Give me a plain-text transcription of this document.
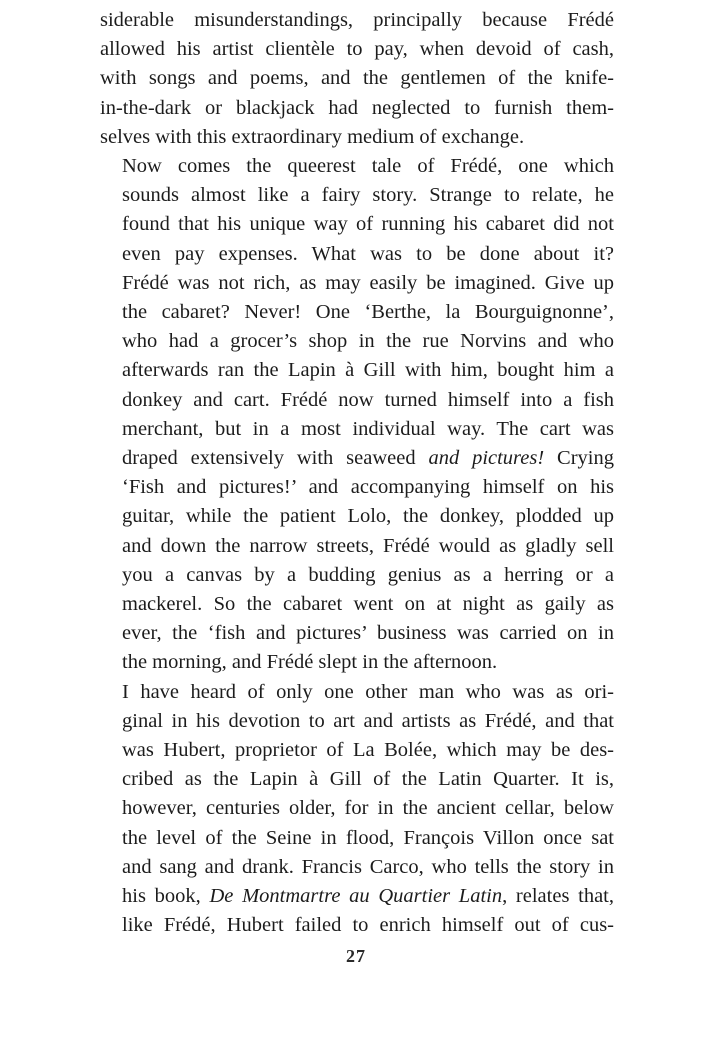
siderable misunderstandings, principally because Frédé
allowed his artist clientèle to pay, when devoid of cash,
with songs and poems, and the gentlemen of the knife-
in-the-dark or blackjack had neglected to furnish them-
selves with this extraordinary medium of exchange.

Now comes the queerest tale of Frédé, one which
sounds almost like a fairy story. Strange to relate, he
found that his unique way of running his cabaret did not
even pay expenses. What was to be done about it?
Frédé was not rich, as may easily be imagined. Give up
the cabaret? Never! One ‘Berthe, la Bourguignonne’,
who had a grocer’s shop in the rue Norvins and who
afterwards ran the Lapin à Gill with him, bought him a
donkey and cart. Frédé now turned himself into a fish
merchant, but in a most individual way. The cart was
draped extensively with seaweed and pictures! Crying
‘Fish and pictures!’ and accompanying himself on his
guitar, while the patient Lolo, the donkey, plodded up
and down the narrow streets, Frédé would as gladly sell
you a canvas by a budding genius as a herring or a
mackerel. So the cabaret went on at night as gaily as
ever, the ‘fish and pictures’ business was carried on in
the morning, and Frédé slept in the afternoon.

I have heard of only one other man who was as ori-
ginal in his devotion to art and artists as Frédé, and that
was Hubert, proprietor of La Bolée, which may be des-
cribed as the Lapin à Gill of the Latin Quarter. It is,
however, centuries older, for in the ancient cellar, below
the level of the Seine in flood, François Villon once sat
and sang and drank. Francis Carco, who tells the story in
his book, De Montmartre au Quartier Latin, relates that,
like Frédé, Hubert failed to enrich himself out of cus-

27
